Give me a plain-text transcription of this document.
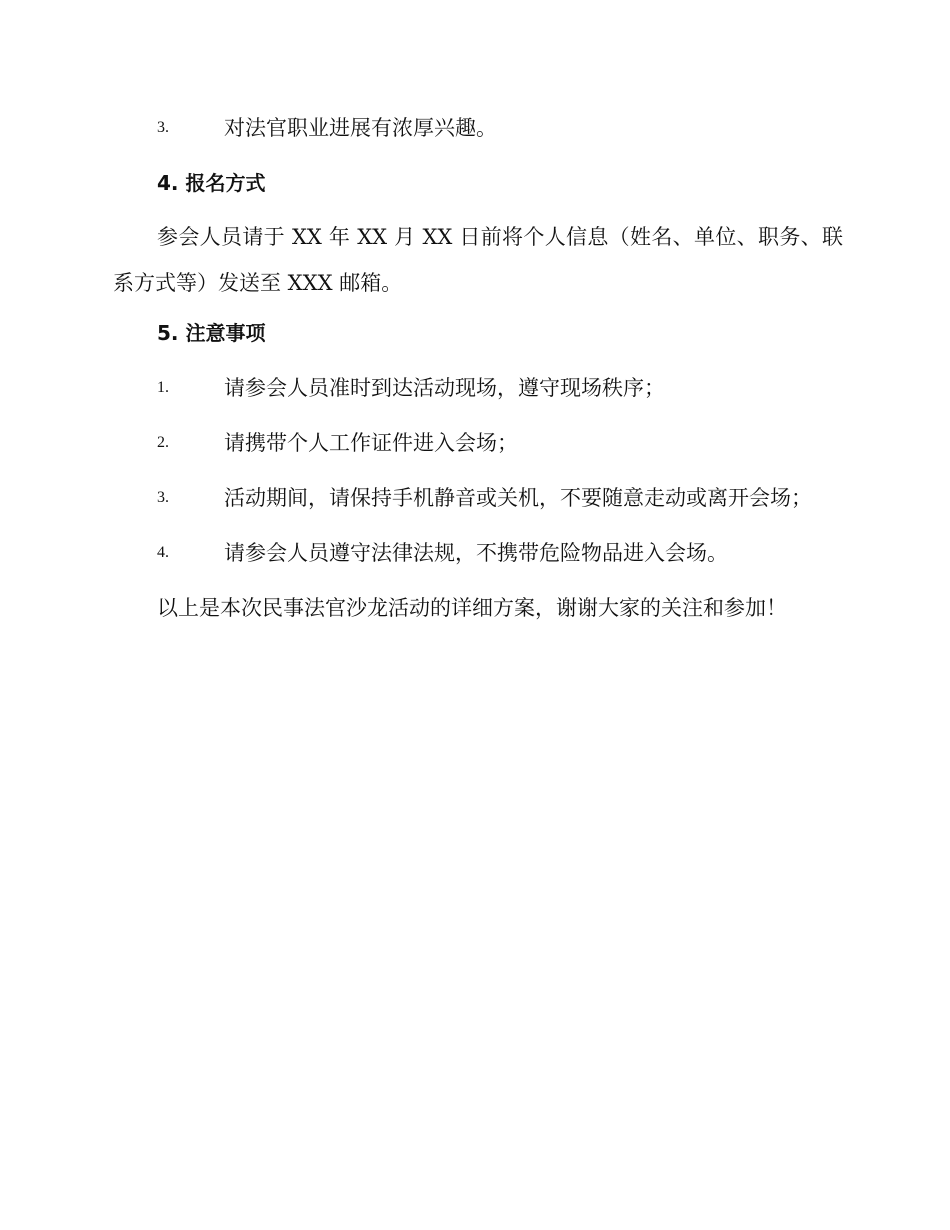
3.	对法官职业进展有浓厚兴趣。
4. 报名方式
参会人员请于 XX 年 XX 月 XX 日前将个人信息（姓名、单位、职务、联系方式等）发送至 XXX 邮箱。
5. 注意事项
1.	请参会人员准时到达活动现场，遵守现场秩序；
2.	请携带个人工作证件进入会场；
3.	活动期间，请保持手机静音或关机，不要随意走动或离开会场；
4.	请参会人员遵守法律法规，不携带危险物品进入会场。
以上是本次民事法官沙龙活动的详细方案，谢谢大家的关注和参加！
